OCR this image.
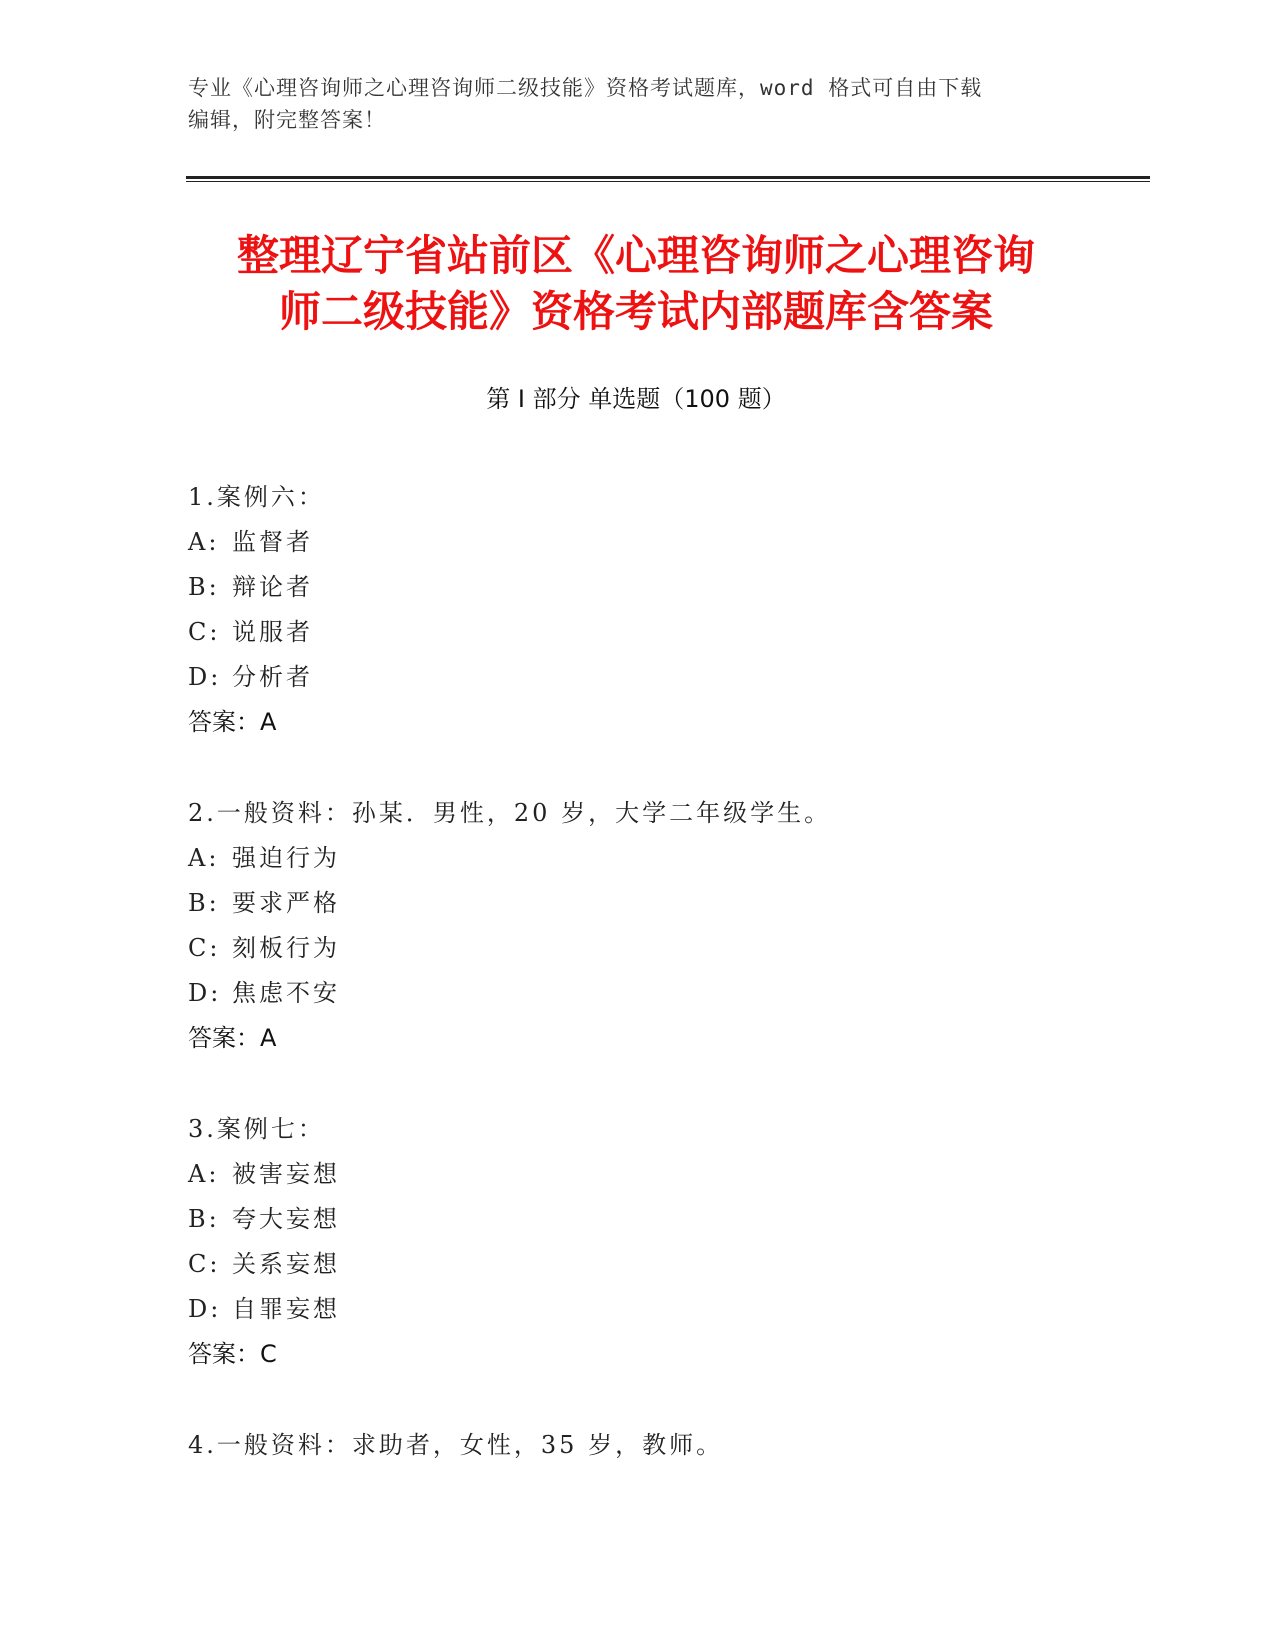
专业《心理咨询师之心理咨询师二级技能》资格考试题库，word 格式可自由下载
编辑，附完整答案！
整理辽宁省站前区《心理咨询师之心理咨询
师二级技能》资格考试内部题库含答案
第 I 部分 单选题（100 题）
1.案例六：
A: 监督者
B: 辩论者
C: 说服者
D: 分析者
答案：A
2.一般资料：孙某．男性，20 岁，大学二年级学生。
A: 强迫行为
B: 要求严格
C: 刻板行为
D: 焦虑不安
答案：A
3.案例七：
A: 被害妄想
B: 夸大妄想
C: 关系妄想
D: 自罪妄想
答案：C
4.一般资料：求助者，女性，35 岁，教师。
